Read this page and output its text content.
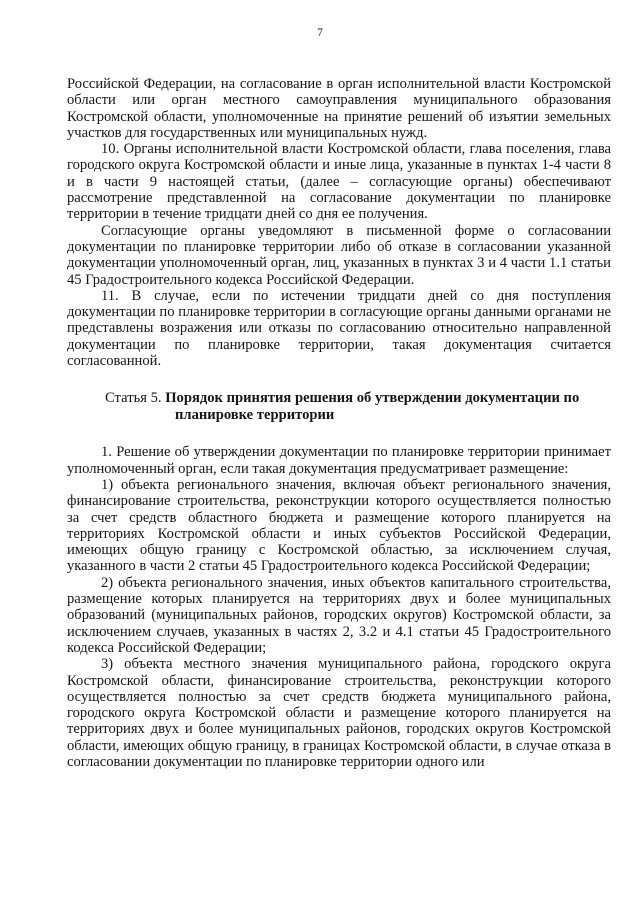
7

Российской Федерации, на согласование в орган исполнительной власти Костромской области или орган местного самоуправления муниципального образования Костромской области, уполномоченные на принятие решений об изъятии земельных участков для государственных или муниципальных нужд.

10. Органы исполнительной власти Костромской области, глава поселения, глава городского округа Костромской области и иные лица, указанные в пунктах 1-4 части 8 и в части 9 настоящей статьи, (далее – согласующие органы) обеспечивают рассмотрение представленной на согласование документации по планировке территории в течение тридцати дней со дня ее получения.

Согласующие органы уведомляют в письменной форме о согласовании документации по планировке территории либо об отказе в согласовании указанной документации уполномоченный орган, лиц, указанных в пунктах 3 и 4 части 1.1 статьи 45 Градостроительного кодекса Российской Федерации.

11. В случае, если по истечении тридцати дней со дня поступления документации по планировке территории в согласующие органы данными органами не представлены возражения или отказы по согласованию относительно направленной документации по планировке территории, такая документация считается согласованной.

Статья 5. Порядок принятия решения об утверждении документации по
планировке территории

1. Решение об утверждении документации по планировке территории принимает уполномоченный орган, если такая документация предусматривает размещение:

1) объекта регионального значения, включая объект регионального значения, финансирование строительства, реконструкции которого осуществляется полностью за счет средств областного бюджета и размещение которого планируется на территориях Костромской области и иных субъектов Российской Федерации, имеющих общую границу с Костромской областью, за исключением случая, указанного в части 2 статьи 45 Градостроительного кодекса Российской Федерации;

2) объекта регионального значения, иных объектов капитального строительства, размещение которых планируется на территориях двух и более муниципальных образований (муниципальных районов, городских округов) Костромской области, за исключением случаев, указанных в частях 2, 3.2 и 4.1 статьи 45 Градостроительного кодекса Российской Федерации;

3) объекта местного значения муниципального района, городского округа Костромской области, финансирование строительства, реконструкции которого осуществляется полностью за счет средств бюджета муниципального района, городского округа Костромской области и размещение которого планируется на территориях двух и более муниципальных районов, городских округов Костромской области, имеющих общую границу, в границах Костромской области, в случае отказа в согласовании документации по планировке территории одного или
